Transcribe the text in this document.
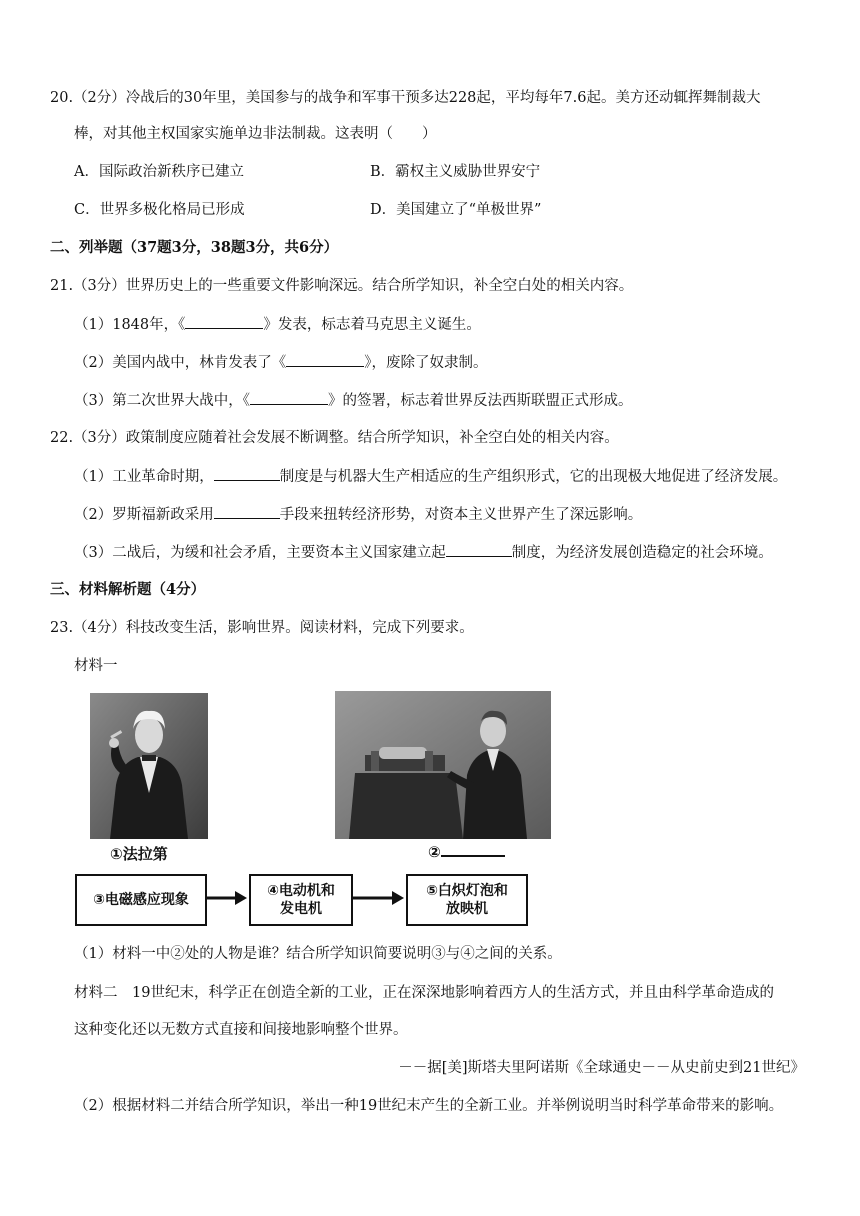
20.（2分）冷战后的30年里，美国参与的战争和军事干预多达228起，平均每年7.6起。美方还动辄挥舞制裁大
棒，对其他主权国家实施单边非法制裁。这表明（　　）
A．国际政治新秩序已建立	B．霸权主义威胁世界安宁
C．世界多极化格局已形成	D．美国建立了“单极世界”
二、列举题（37题3分，38题3分，共6分）
21.（3分）世界历史上的一些重要文件影响深远。结合所学知识，补全空白处的相关内容。
（1）1848年，《	》发表，标志着马克思主义诞生。
（2）美国内战中，林肯发表了《	》，废除了奴隶制。
（3）第二次世界大战中，《	》的签署，标志着世界反法西斯联盟正式形成。
22.（3分）政策制度应随着社会发展不断调整。结合所学知识，补全空白处的相关内容。
（1）工业革命时期，	制度是与机器大生产相适应的生产组织形式，它的出现极大地促进了经济发展。
（2）罗斯福新政采用	手段来扭转经济形势，对资本主义世界产生了深远影响。
（3）二战后，为缓和社会矛盾，主要资本主义国家建立起	制度，为经济发展创造稳定的社会环境。
三、材料解析题（4分）
23.（4分）科技改变生活，影响世界。阅读材料，完成下列要求。
材料一
①法拉第	②
③电磁感应现象
④电动机和
发电机
⑤白炽灯泡和
放映机
（1）材料一中②处的人物是谁？结合所学知识简要说明③与④之间的关系。
材料二　19世纪末，科学正在创造全新的工业，正在深深地影响着西方人的生活方式，并且由科学革命造成的
这种变化还以无数方式直接和间接地影响整个世界。
－－据[美]斯塔夫里阿诺斯《全球通史－－从史前史到21世纪》
（2）根据材料二并结合所学知识，举出一种19世纪末产生的全新工业。并举例说明当时科学革命带来的影响。
